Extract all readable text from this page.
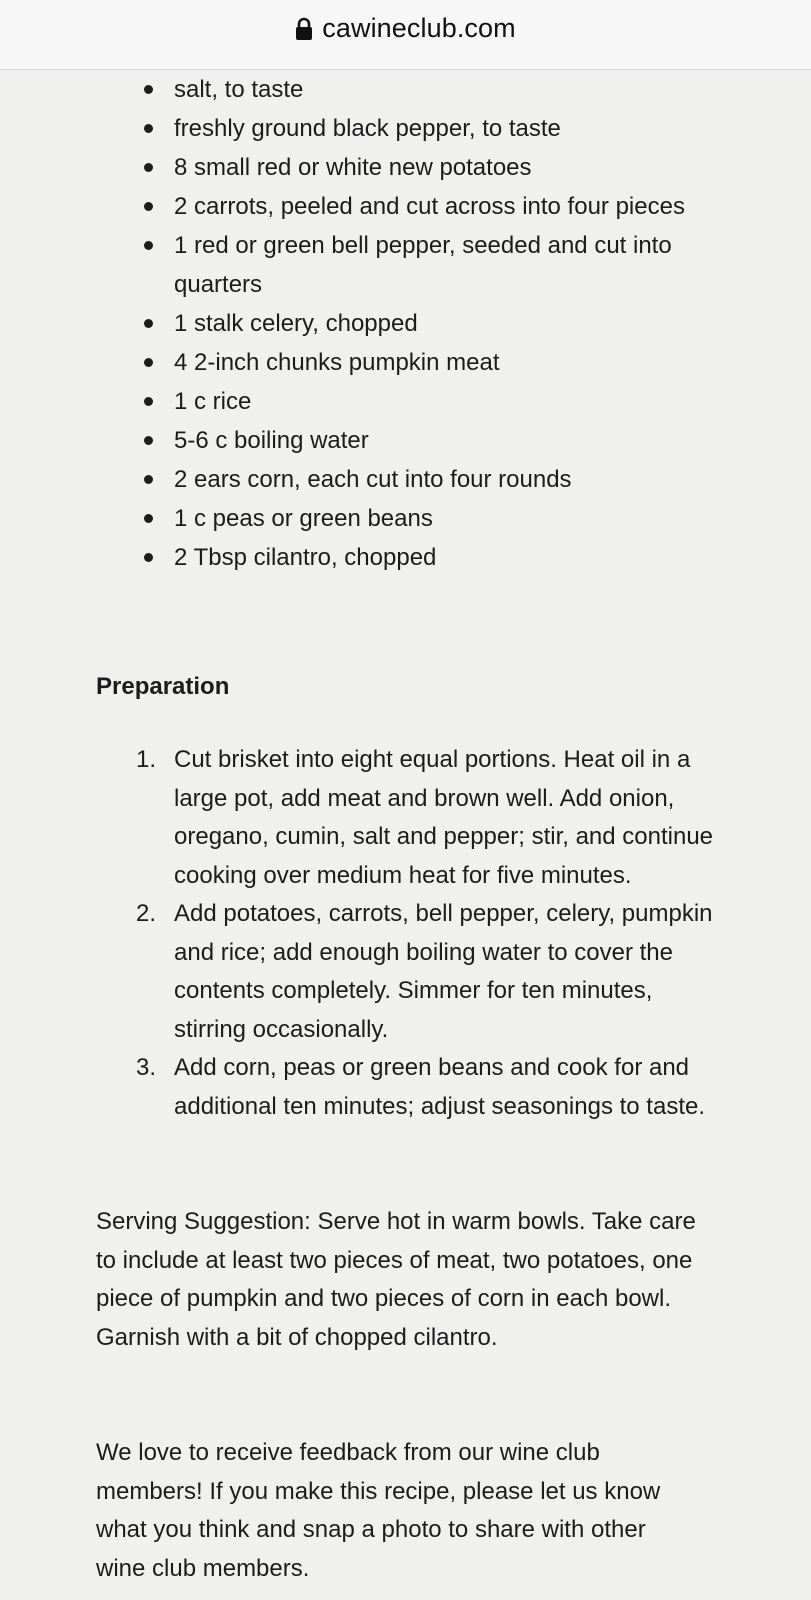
cawineclub.com
salt, to taste
freshly ground black pepper, to taste
8 small red or white new potatoes
2 carrots, peeled and cut across into four pieces
1 red or green bell pepper, seeded and cut into quarters
1 stalk celery, chopped
4 2-inch chunks pumpkin meat
1 c rice
5-6 c boiling water
2 ears corn, each cut into four rounds
1 c peas or green beans
2 Tbsp cilantro, chopped
Preparation
1. Cut brisket into eight equal portions. Heat oil in a large pot, add meat and brown well. Add onion, oregano, cumin, salt and pepper; stir, and continue cooking over medium heat for five minutes.
2. Add potatoes, carrots, bell pepper, celery, pumpkin and rice; add enough boiling water to cover the contents completely. Simmer for ten minutes, stirring occasionally.
3. Add corn, peas or green beans and cook for and additional ten minutes; adjust seasonings to taste.

Serving Suggestion: Serve hot in warm bowls. Take care to include at least two pieces of meat, two potatoes, one piece of pumpkin and two pieces of corn in each bowl. Garnish with a bit of chopped cilantro.

We love to receive feedback from our wine club members! If you make this recipe, please let us know what you think and snap a photo to share with other wine club members.
